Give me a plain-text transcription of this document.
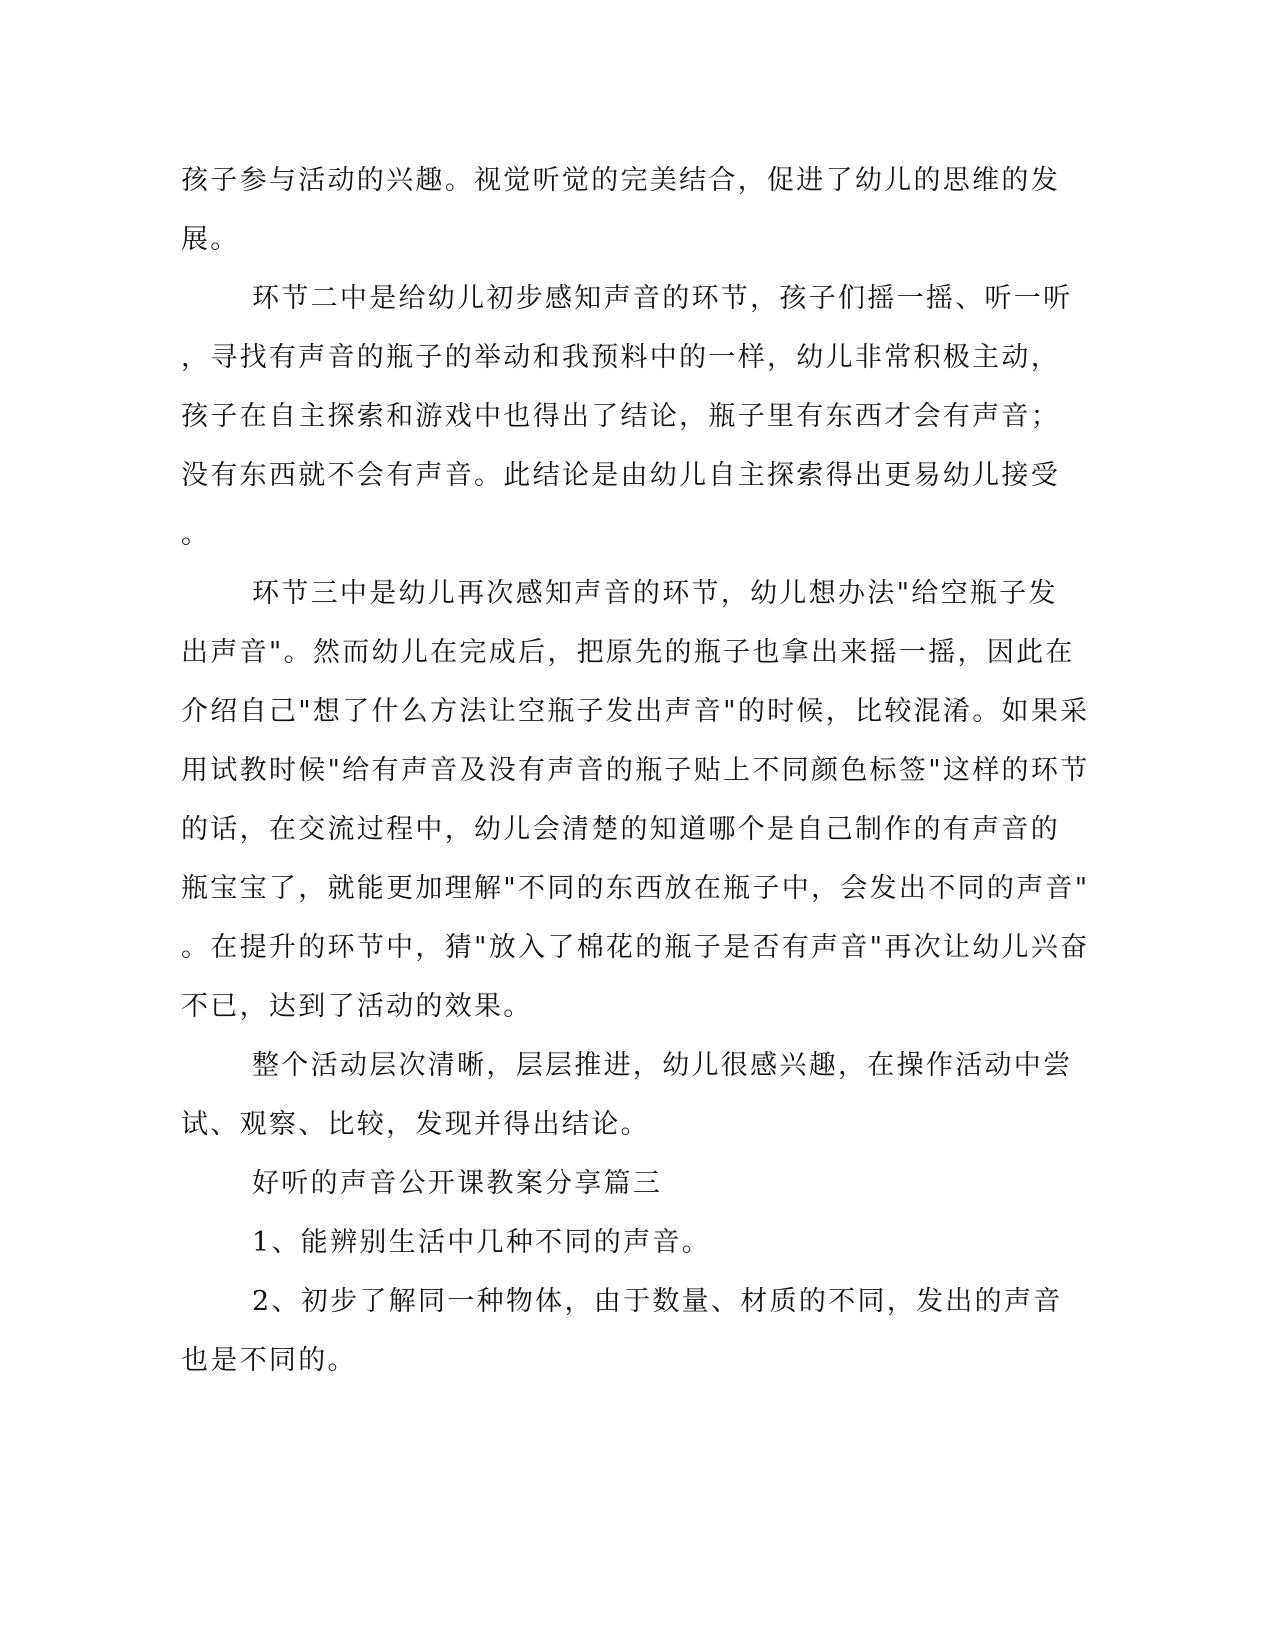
孩子参与活动的兴趣。视觉听觉的完美结合，促进了幼儿的思维的发

展。

环节二中是给幼儿初步感知声音的环节，孩子们摇一摇、听一听

，寻找有声音的瓶子的举动和我预料中的一样，幼儿非常积极主动，

孩子在自主探索和游戏中也得出了结论，瓶子里有东西才会有声音；

没有东西就不会有声音。此结论是由幼儿自主探索得出更易幼儿接受

。

环节三中是幼儿再次感知声音的环节，幼儿想办法"给空瓶子发

出声音"。然而幼儿在完成后，把原先的瓶子也拿出来摇一摇，因此在

介绍自己"想了什么方法让空瓶子发出声音"的时候，比较混淆。如果采

用试教时候"给有声音及没有声音的瓶子贴上不同颜色标签"这样的环节

的话，在交流过程中，幼儿会清楚的知道哪个是自己制作的有声音的

瓶宝宝了，就能更加理解"不同的东西放在瓶子中，会发出不同的声音"

。在提升的环节中，猜"放入了棉花的瓶子是否有声音"再次让幼儿兴奋

不已，达到了活动的效果。

整个活动层次清晰，层层推进，幼儿很感兴趣，在操作活动中尝

试、观察、比较，发现并得出结论。

好听的声音公开课教案分享篇三

1、能辨别生活中几种不同的声音。

2、初步了解同一种物体，由于数量、材质的不同，发出的声音

也是不同的。
